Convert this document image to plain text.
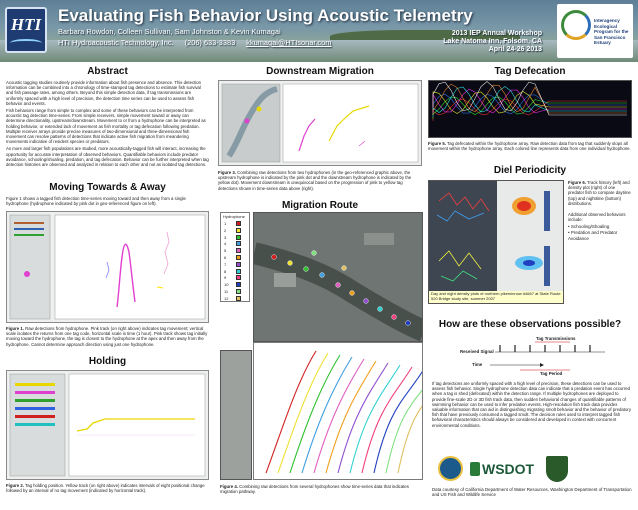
HTI Evaluating Fish Behavior Using Acoustic Telemetry
Barbara Rowdon, Colleen Sullivan, Sam Johnston & Kevin Kumagai
HTI Hydroacoustic Technology, Inc. (206) 633-3383 kkumagai@HTIsonar.com
2013 IEP Annual Workshop
Lake Natoma Inn, Folsom, CA
April 24-26 2013
Interagency Ecological Program for the San Francisco Estuary
Abstract

Acoustic tagging studies routinely provide information about fish presence and absence. This detection information can be combined into a chronology of time-stamped tag detections to estimate fish survival and fish passage rates, among others. Beyond this simple detection data, if tag transmissions are uniformly spaced with a high level of precision, the detection time series can be used to assess fish behavior and events.

Fish behaviors range from simple to complex and some of these behaviors can be interpreted from acoustic tag detection time-series. From simple receivers, simple movement toward or away can determine directionality, upstream/downstream. Movement to or from a hydrophone can be interpreted as holding behavior, or extended lack of movement as fish mortality or tag defecation following predation. Multiple receiver arrays provide precise measures of two-dimensional and three-dimensional fish movement can resolve patterns of detections that indicate active fish migration from meandering movements indicative of resident species or predators.

As more and larger fish populations are studied, more acoustically-tagged fish will interact, increasing the opportunity for accurate interpretation of observed behaviors. Quantifiable behaviors include predator avoidance, schooling/shoaling, predation, and tag defecation. Behavior can be further interpreted when tag detection histories are observed and analyzed in relation to each other and not as isolated tag detections.

Moving Towards & Away
Figure 1 shows a tagged fish detection time-series moving toward and then away from a single hydrophone (hydrophone indicated by pink dot in geo-referenced figure on left).
Figure 1. Raw detections from hydrophone. Pink track (on right above) indicates tag movement; vertical scale isolates the returns from one tag code, horizontal scale is time (1 hour). Pink track shows tag initially moving toward the hydrophone, the tag is closest to the hydrophone at the apex and then away from the hydrophone. Cannot determine approach direction using just one hydrophone.
Holding
Figure 2. Tag holding position. Yellow track (on right above) indicates intervals of eight positional change followed by an interval of no tag movement (indicated by horizontal track).
Downstream Migration
Figure 3. Combining raw detections from two hydrophones (in the geo-referenced graphic above, the upstream hydrophone is indicated by the pink dot and the downstream hydrophone is indicated by the yellow dot). Movement downstream is unequivocal based on the progression of pink to yellow tag detections shown in time-series data above (right).
Migration Route
Hydrophone
1
2
3
4
5
6
7
8
9
10
11
12
Figure 4. Combining raw detections from several hydrophones show time-series data that indicates migration pathway.
Tag Defecation
Figure 5. Tag defecated within the hydrophone array. Raw detection data from tag that suddenly stops all movement within the hydrophone array. Each colored line represents data from one individual hydrophone.
Diel Periodicity
Day and night density plots of northern pikeminnow #4667 at State Route 520 Bridge study site, summer 2007
Figure 6. Track history (left) and density plot (right) of one predator fish to compare daytime (top) and nighttime (bottom) distributions.
Additional observed behaviors include:
• Schooling/Shoaling
• Predation and Predator Avoidance
How are these observations possible?
Tag Transmissions
Received Signal
Time
Tag Period
If tag detections are uniformly spaced with a high level of precision, these detections can be used to assess fish behavior. Single hydrophone detection data can indicate that a predation event has occurred when a tag is shed (defecated) within the detection range. If multiple hydrophones are deployed to provide fine-scale 2D or 3D fish track data, then sudden behavioral changes of quantifiable patterns of swimming behavior can be used to infer predation events. High-resolution fish track data provides valuable information that can aid in distinguishing migrating smolt behavior and the behavior of predatory fish that have previously consumed a tagged smolt. The decision rules used to interpret tagged fish behavioral characteristics should always be considered and developed in context with concurrent environmental conditions.
WSDOT
Data courtesy of California Department of Water Resources, Washington Department of Transportation and US Fish and Wildlife Service
